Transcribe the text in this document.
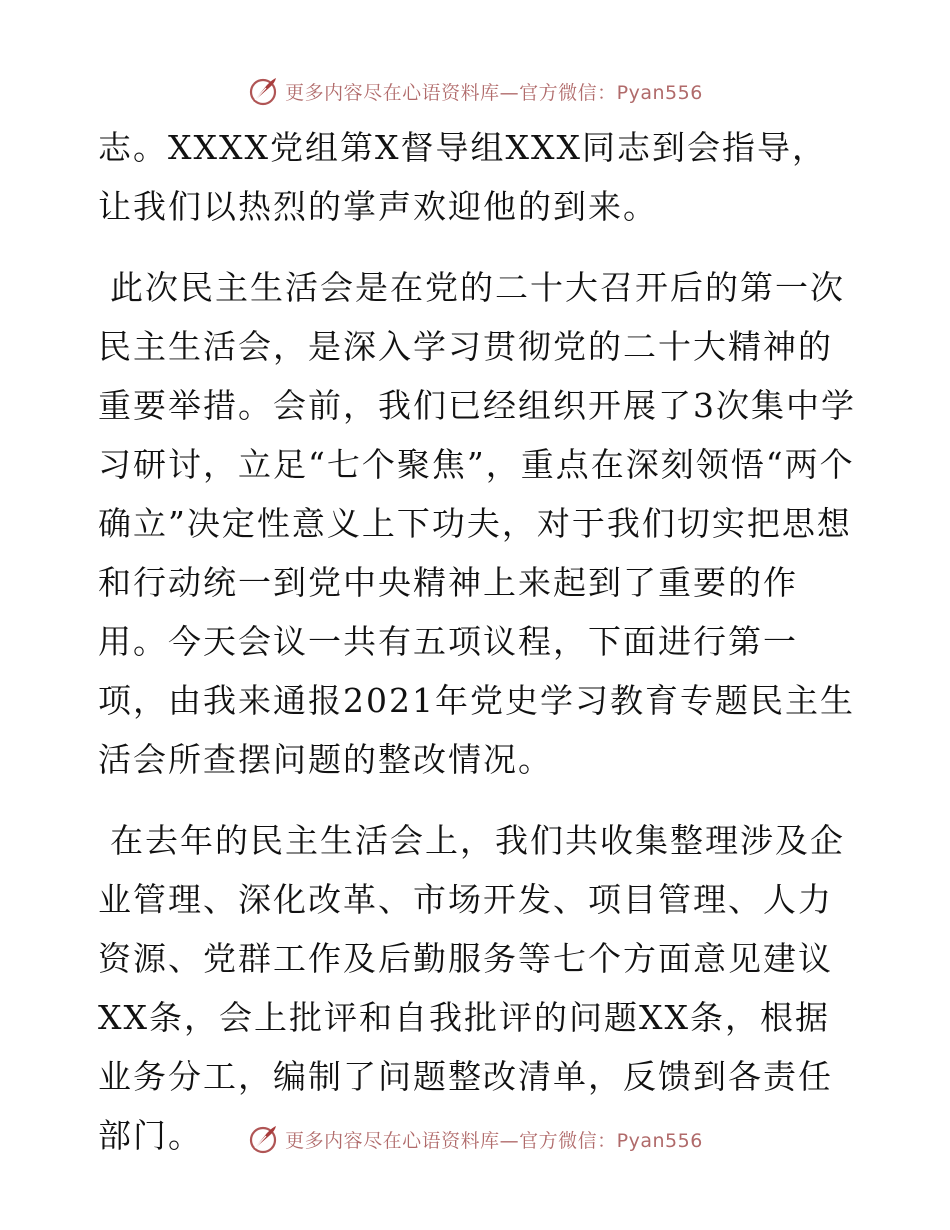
更多内容尽在心语资料库—官方微信：Pyan556

志。XXXX党组第X督导组XXX同志到会指导，让我们以热烈的掌声欢迎他的到来。

此次民主生活会是在党的二十大召开后的第一次民主生活会，是深入学习贯彻党的二十大精神的重要举措。会前，我们已经组织开展了3次集中学习研讨，立足“七个聚焦”，重点在深刻领悟“两个确立”决定性意义上下功夫，对于我们切实把思想和行动统一到党中央精神上来起到了重要的作用。今天会议一共有五项议程，下面进行第一项，由我来通报2021年党史学习教育专题民主生活会所查摆问题的整改情况。

在去年的民主生活会上，我们共收集整理涉及企业管理、深化改革、市场开发、项目管理、人力资源、党群工作及后勤服务等七个方面意见建议XX条，会上批评和自我批评的问题XX条，根据业务分工，编制了问题整改清单，反馈到各责任部门。	更多内容尽在心语资料库—官方微信：Pyan556
